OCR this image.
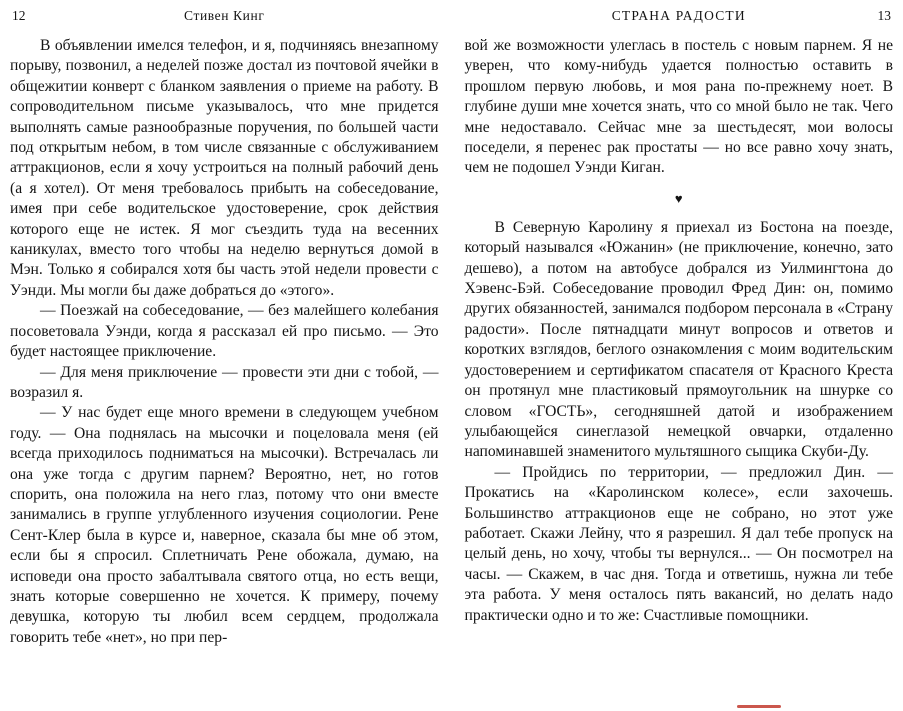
12	Стивен Кинг

В объявлении имелся телефон, и я, подчиняясь внезапному порыву, позвонил, а неделей позже достал из почтовой ячейки в общежитии конверт с бланком заявления о приеме на работу. В сопроводительном письме указывалось, что мне придется выполнять самые разнообразные поручения, по большей части под открытым небом, в том числе связанные с обслуживанием аттракционов, если я хочу устроиться на полный рабочий день (а я хотел). От меня требовалось прибыть на собеседование, имея при себе водительское удостоверение, срок действия которого еще не истек. Я мог съездить туда на весенних каникулах, вместо того чтобы на неделю вернуться домой в Мэн. Только я собирался хотя бы часть этой недели провести с Уэнди. Мы могли бы даже добраться до «этого».

— Поезжай на собеседование, — без малейшего колебания посоветовала Уэнди, когда я рассказал ей про письмо. — Это будет настоящее приключение.

— Для меня приключение — провести эти дни с тобой, — возразил я.

— У нас будет еще много времени в следующем учебном году. — Она поднялась на мысочки и поцеловала меня (ей всегда приходилось подниматься на мысочки). Встречалась ли она уже тогда с другим парнем? Вероятно, нет, но готов спорить, она положила на него глаз, потому что они вместе занимались в группе углубленного изучения социологии. Рене Сент-Клер была в курсе и, наверное, сказала бы мне об этом, если бы я спросил. Сплетничать Рене обожала, думаю, на исповеди она просто забалтывала святого отца, но есть вещи, знать которые совершенно не хочется. К примеру, почему девушка, которую ты любил всем сердцем, продолжала говорить тебе «нет», но при пер-

СТРАНА РАДОСТИ	13

вой же возможности улеглась в постель с новым парнем. Я не уверен, что кому-нибудь удается полностью оставить в прошлом первую любовь, и моя рана по-прежнему ноет. В глубине души мне хочется знать, что со мной было не так. Чего мне недоставало. Сейчас мне за шестьдесят, мои волосы поседели, я перенес рак простаты — но все равно хочу знать, чем не подошел Уэнди Киган.

♥

В Северную Каролину я приехал из Бостона на поезде, который назывался «Южанин» (не приключение, конечно, зато дешево), а потом на автобусе добрался из Уилмингтона до Хэвенс-Бэй. Собеседование проводил Фред Дин: он, помимо других обязанностей, занимался подбором персонала в «Страну радости». После пятнадцати минут вопросов и ответов и коротких взглядов, беглого ознакомления с моим водительским удостоверением и сертификатом спасателя от Красного Креста он протянул мне пластиковый прямоугольник на шнурке со словом «ГОСТЬ», сегодняшней датой и изображением улыбающейся синеглазой немецкой овчарки, отдаленно напоминавшей знаменитого мультяшного сыщика Скуби-Ду.

— Пройдись по территории, — предложил Дин. — Прокатись на «Каролинском колесе», если захочешь. Большинство аттракционов еще не собрано, но этот уже работает. Скажи Лейну, что я разрешил. Я дал тебе пропуск на целый день, но хочу, чтобы ты вернулся... — Он посмотрел на часы. — Скажем, в час дня. Тогда и ответишь, нужна ли тебе эта работа. У меня осталось пять вакансий, но делать надо практически одно и то же: Счастливые помощники.
